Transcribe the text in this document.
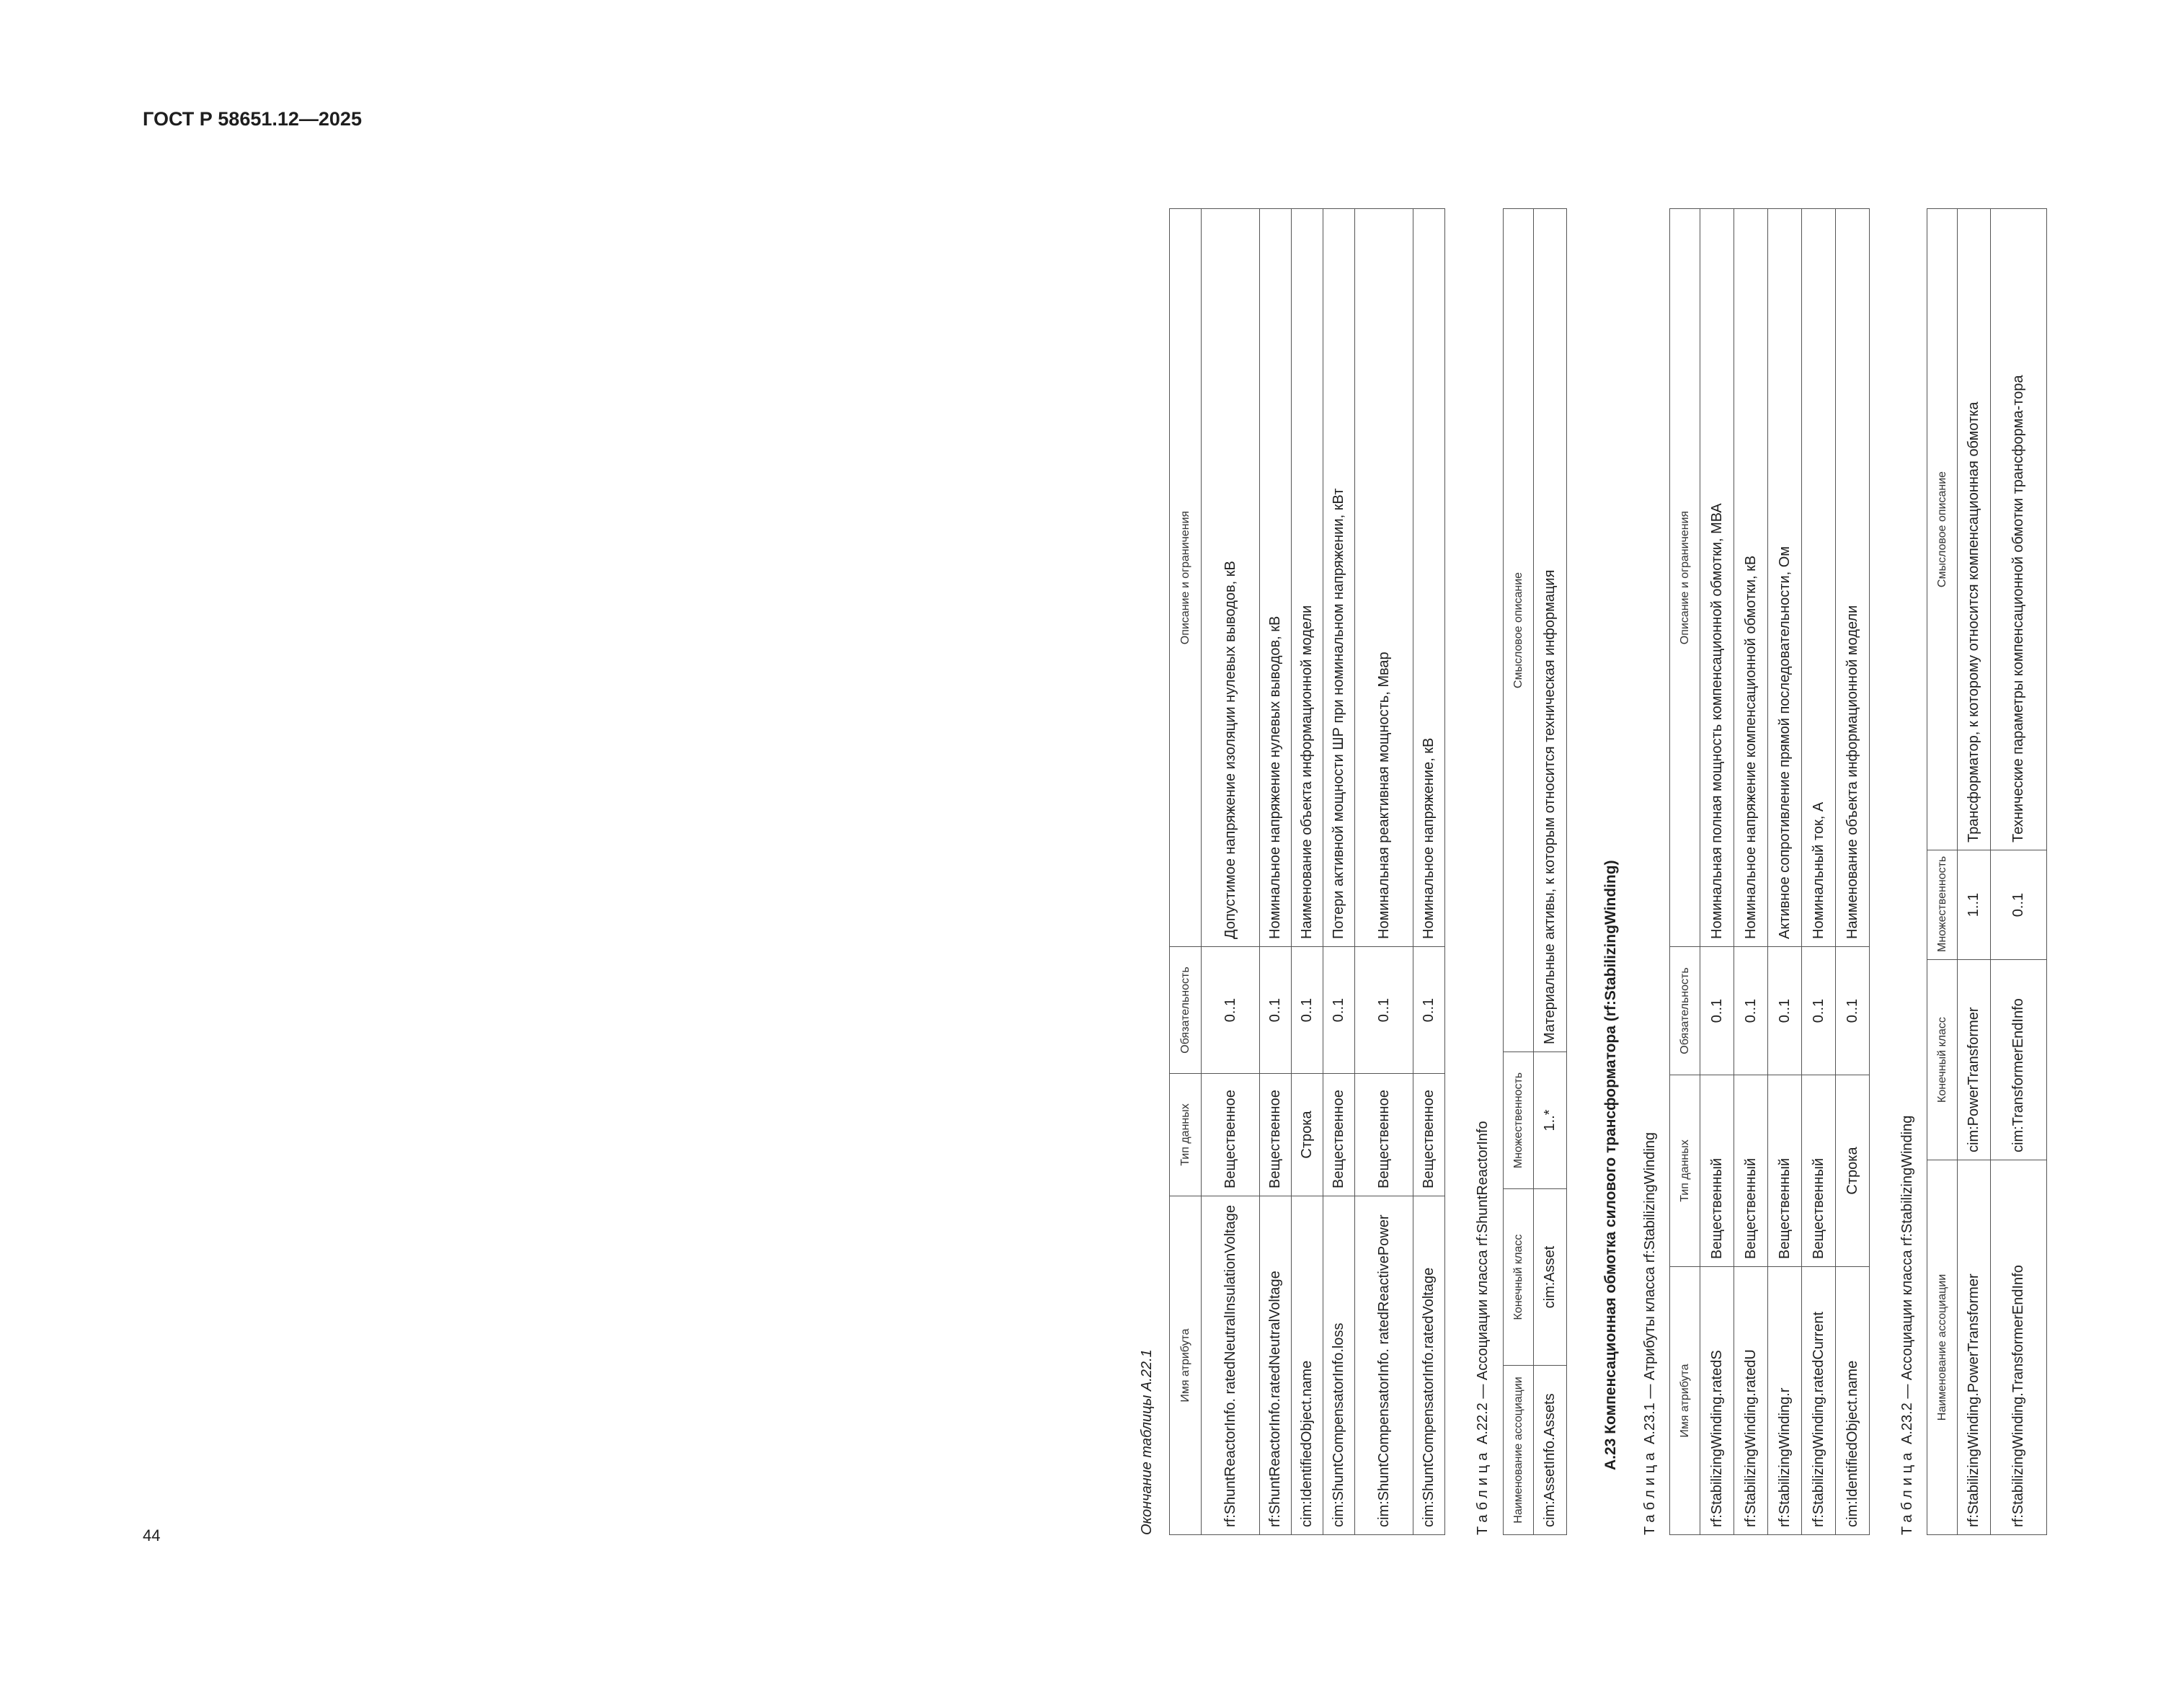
ГОСТ Р 58651.12—2025
44
Окончание таблицы А.22.1 Имя атрибута	Тип данных	Обязательность	Описание и ограничения
rf:ShuntReactorInfo. ratedNeutralInsulationVoltage	Вещественное	0..1	Допустимое напряжение изоляции нулевых выводов, кВ
rf:ShuntReactorInfo.ratedNeutralVoltage	Вещественное	0..1	Номинальное напряжение нулевых выводов, кВ
cim:IdentifiedObject.name	Строка	0..1	Наименование объекта информационной модели
cim:ShuntCompensatorInfo.loss	Вещественное	0..1	Потери активной мощности ШР при номинальном напряжении, кВт
cim:ShuntCompensatorInfo. ratedReactivePower	Вещественное	0..1	Номинальная реактивная мощность, Мвар
cim:ShuntCompensatorInfo.ratedVoltage	Вещественное	0..1	Номинальное напряжение, кВ
Таблица А.22.2 — Ассоциации класса rf:ShuntReactorInfo
Наименование ассоциации	Конечный класс	Множественность	Смысловое описание
cim:AssetInfo.Assets	cim:Asset	1..*	Материальные активы, к которым относится техническая информация
А.23 Компенсационная обмотка силового трансформатора (rf:StabilizingWinding)
Таблица А.23.1 — Атрибуты класса rf:StabilizingWinding Имя атрибута	Тип данных	Обязательность	Описание и ограничения
rf:StabilizingWinding.ratedS	Вещественный	0..1	Номинальная полная мощность компенсационной обмотки, МВА
rf:StabilizingWinding.ratedU	Вещественный	0..1	Номинальное напряжение компенсационной обмотки, кВ
rf:StabilizingWinding.r	Вещественный	0..1	Активное сопротивление прямой последовательности, Ом
rf:StabilizingWinding.ratedCurrent	Вещественный	0..1	Номинальный ток, А
cim:IdentifiedObject.name	Строка	0..1	Наименование объекта информационной модели
Таблица А.23.2 — Ассоциации класса rf:StabilizingWinding Наименование ассоциации	Конечный класс	Множественность	Смысловое описание
rf:StabilizingWinding.PowerTransformer	cim:PowerTransformer	1..1	Трансформатор, к которому относится компенсационная обмотка
rf:StabilizingWinding.TransformerEndInfo	cim:TransformerEndInfo	0..1	Технические параметры компенсационной обмотки трансформа-тора
